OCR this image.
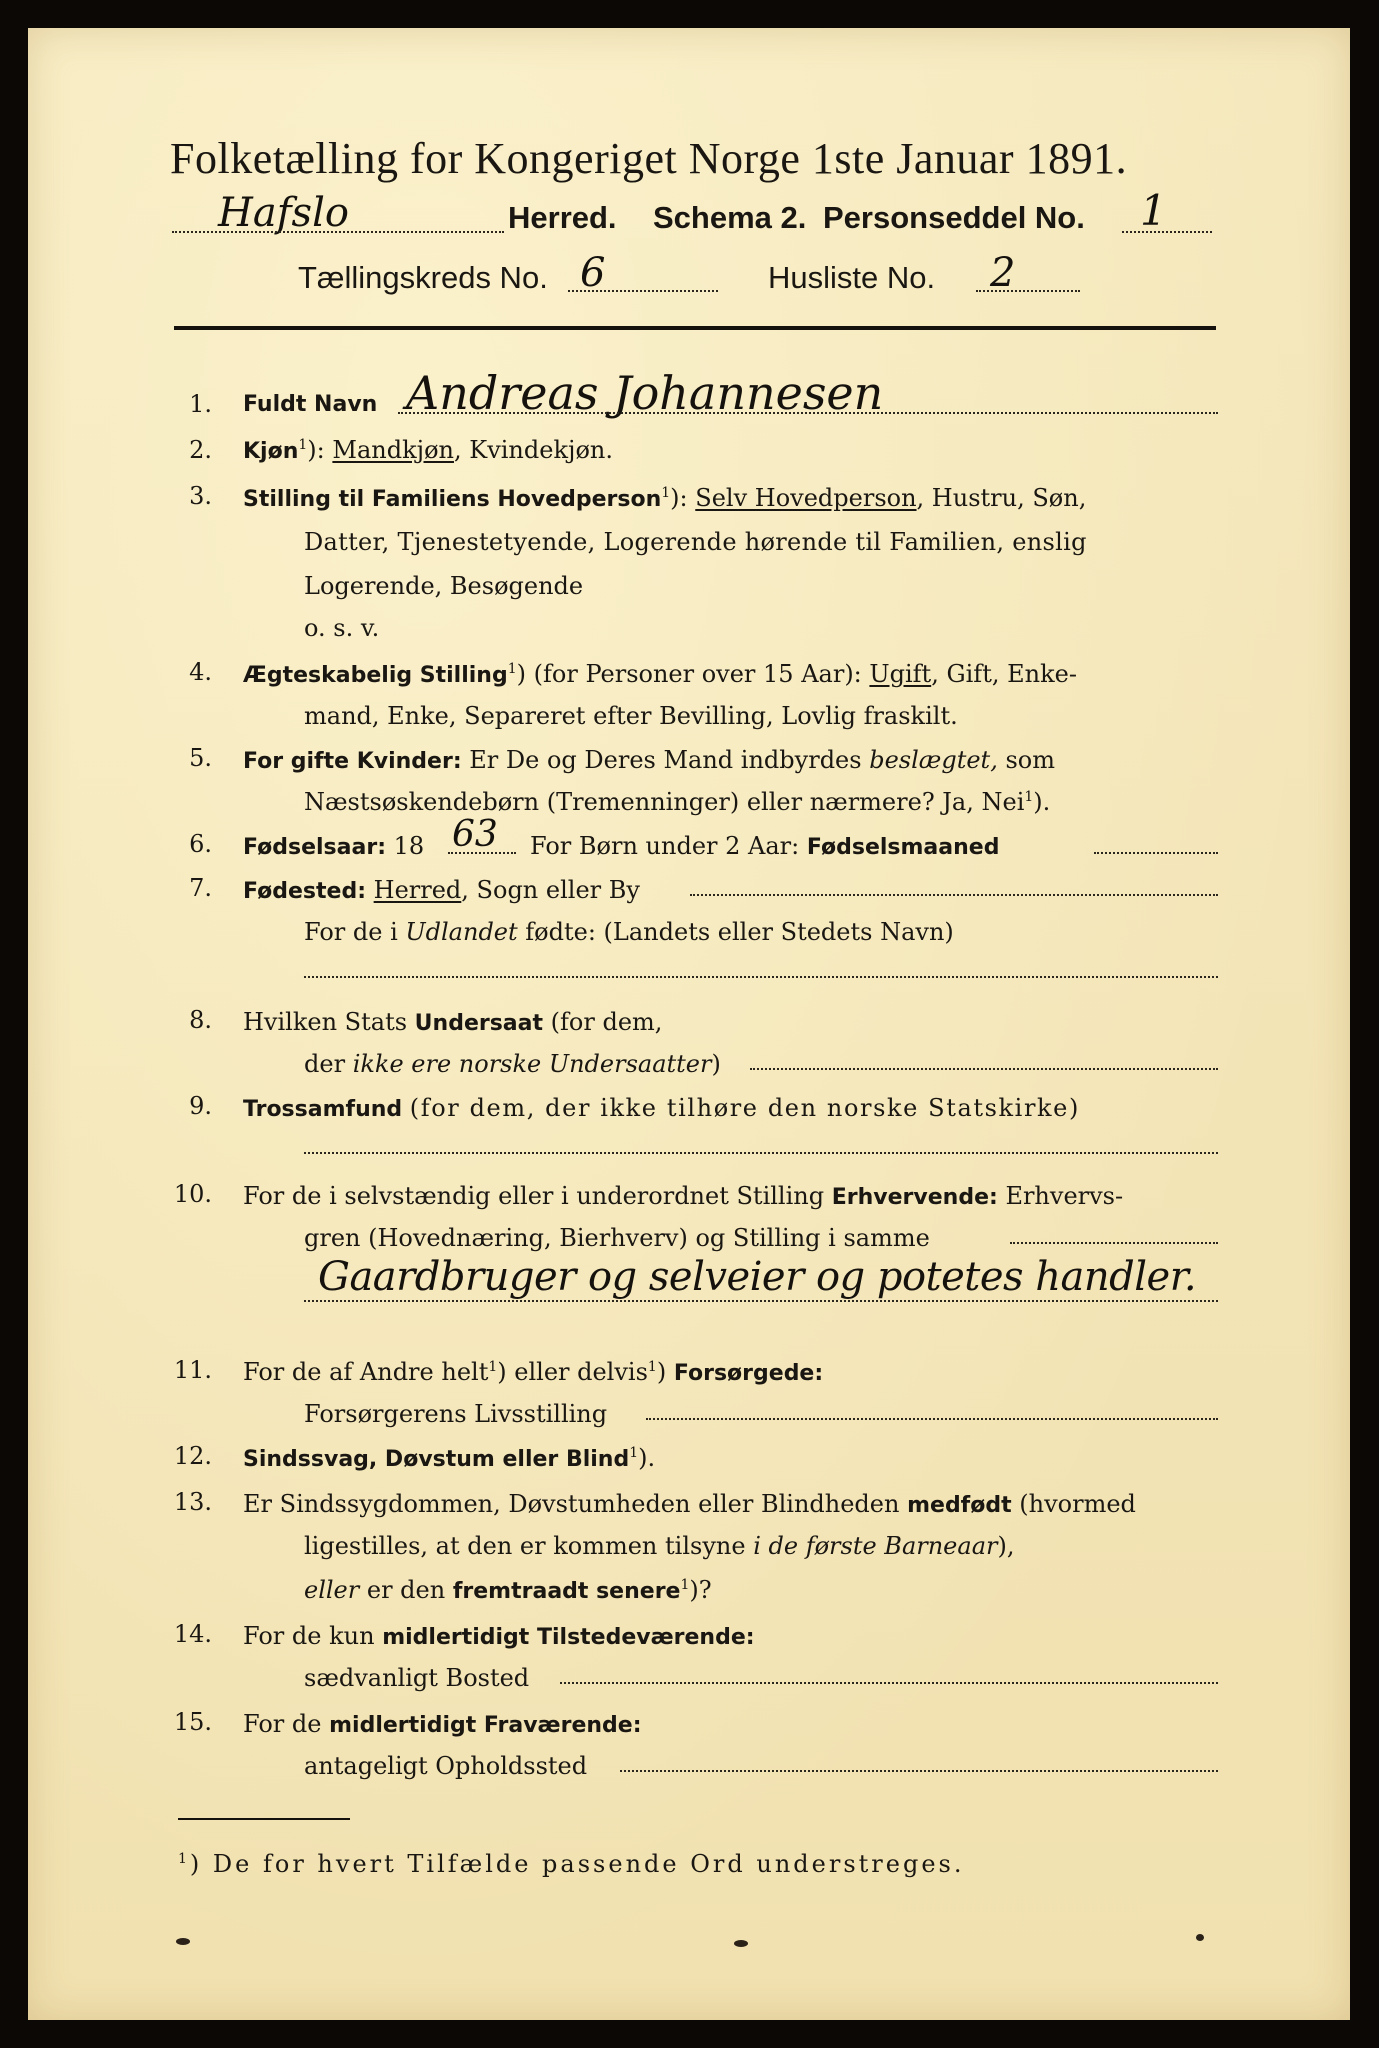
Folketælling for Kongeriget Norge 1ste Januar 1891.
Hafslo	Herred. Schema 2. Personseddel No. 1
Tællingskreds No. 6	Husliste No. 2
1. Fuldt Navn Andreas Johannesen
2. Kjøn$^1$): Mandkjøn, Kvindekjøn.
3. Stilling til Familiens Hovedperson$^1$): Selv Hovedperson, Hustru, Søn,
Datter, Tjenestetyende, Logerende hørende til Familien, enslig
Logerende, Besøgende
o. s. v.
4. Ægteskabelig Stilling$^1$) (for Personer over 15 Aar): Ugift, Gift, Enke-
mand, Enke, Separeret efter Bevilling, Lovlig fraskilt.
5. For gifte Kvinder: Er De og Deres Mand indbyrdes beslægtet, som
Næstsøskendebørn (Tremenninger) eller nærmere? Ja, Nei$^1$).
6. Fødselsaar: 18 63 For Børn under 2 Aar: Fødselsmaaned
7. Fødested: Herred, Sogn eller By
For de i Udlandet fødte: (Landets eller Stedets Navn)
8. Hvilken Stats Undersaat (for dem,
der ikke ere norske Undersaatter)
9. Trossamfund (for dem, der ikke tilhøre den norske Statskirke)
10. For de i selvstændig eller i underordnet Stilling Erhvervende: Erhvervs-
gren (Hovednæring, Bierhverv) og Stilling i samme
Gaardbruger og selveier og potetes handler.
11. For de af Andre helt$^1$) eller delvis$^1$) Forsørgede:
Forsørgerens Livsstilling
12. Sindssvag, Døvstum eller Blind$^1$).
13. Er Sindssygdommen, Døvstumheden eller Blindheden medfødt (hvormed
ligestilles, at den er kommen tilsyne i de første Barneaar),
eller er den fremtraadt senere$^1$)?
14. For de kun midlertidigt Tilstedeværende:
sædvanligt Bosted
15. For de midlertidigt Fraværende:
antageligt Opholdssted
$^1$) De for hvert Tilfælde passende Ord understreges.
